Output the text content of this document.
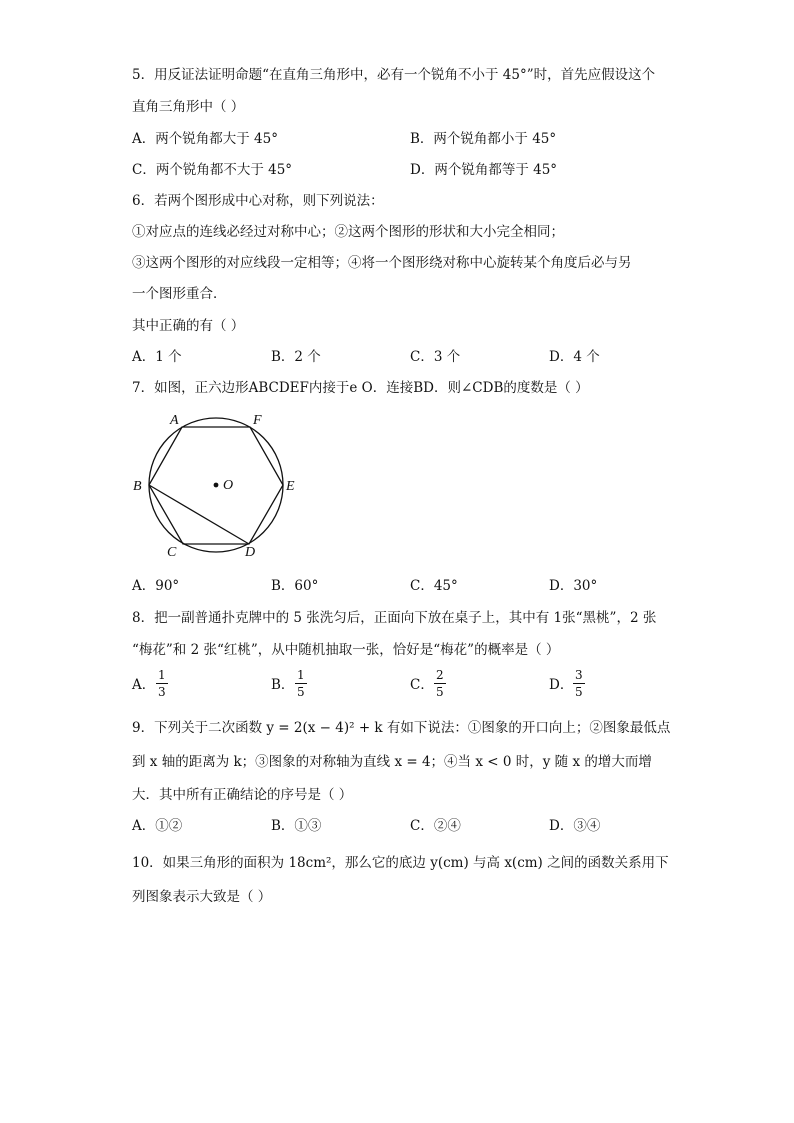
5．用反证法证明命题“在直角三角形中，必有一个锐角不小于 45°”时，首先应假设这个
直角三角形中（ ）
A．两个锐角都大于 45°	B．两个锐角都小于 45°
C．两个锐角都不大于 45°	D．两个锐角都等于 45°
6．若两个图形成中心对称，则下列说法：
①对应点的连线必经过对称中心；②这两个图形的形状和大小完全相同；
③这两个图形的对应线段一定相等；④将一个图形绕对称中心旋转某个角度后必与另
一个图形重合．
其中正确的有（ ）
A．1 个	B．2 个	C．3 个	D．4 个
7．如图，正六边形ABCDEF内接于e O．连接BD．则∠CDB的度数是（ ）
A	F
B	E
O
C	D
A．90°	B．60°	C．45°	D．30°
8．把一副普通扑克牌中的 5 张洗匀后，正面向下放在桌子上，其中有 1张“黑桃”，2 张
“梅花”和 2 张“红桃”，从中随机抽取一张，恰好是“梅花”的概率是（ ）
A．
1
3	B．
1
5	C．
2
5	D．
3
5
9．下列关于二次函数 y = 2(x − 4)² + k 有如下说法：①图象的开口向上；②图象最低点
到 x 轴的距离为 k；③图象的对称轴为直线 x = 4；④当 x < 0 时，y 随 x 的增大而增
大．其中所有正确结论的序号是（ ）
A．①②	B．①③	C．②④	D．③④
10．如果三角形的面积为 18cm²，那么它的底边 y(cm) 与高 x(cm) 之间的函数关系用下
列图象表示大致是（ ）
